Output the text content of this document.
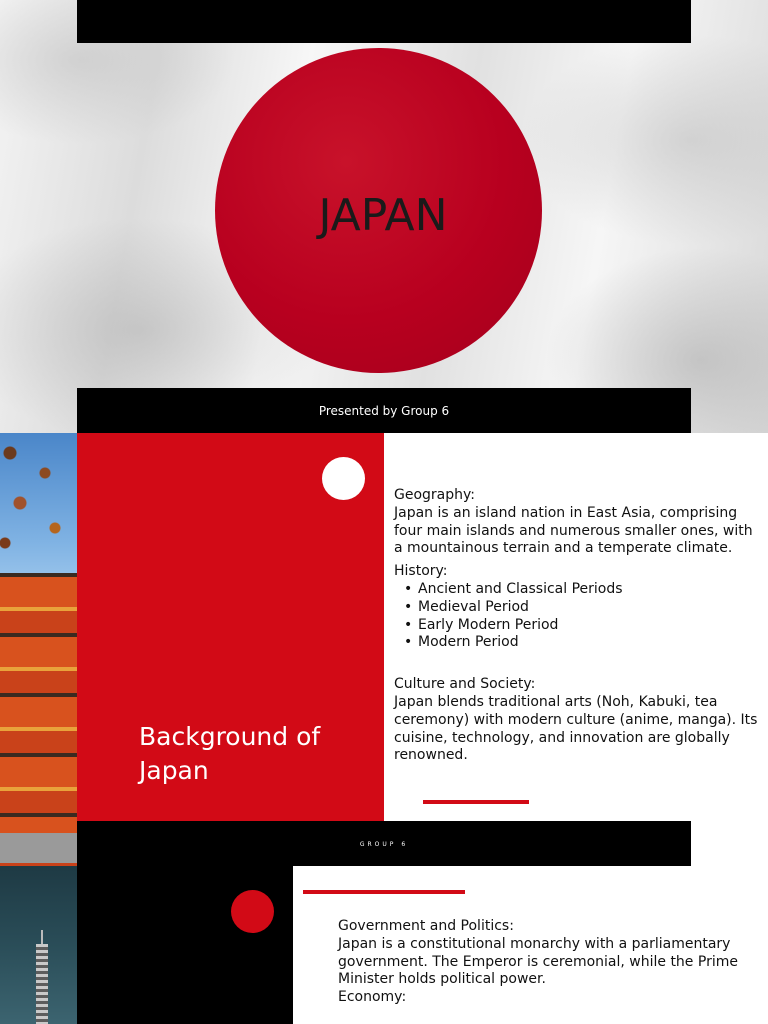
JAPAN
Presented by Group 6
Background of Japan

Geography:

Japan is an island nation in East Asia, comprising four main islands and numerous smaller ones, with a mountainous terrain and a temperate climate.

History:

• Ancient and Classical Periods
• Medieval Period
• Early Modern Period
• Modern Period

Culture and Society:

Japan blends traditional arts (Noh, Kabuki, tea ceremony) with modern culture (anime, manga). Its cuisine, technology, and innovation are globally renowned.

GROUP 6

Government and Politics:

Japan is a constitutional monarchy with a parliamentary government. The Emperor is ceremonial, while the Prime Minister holds political power.

Economy:
